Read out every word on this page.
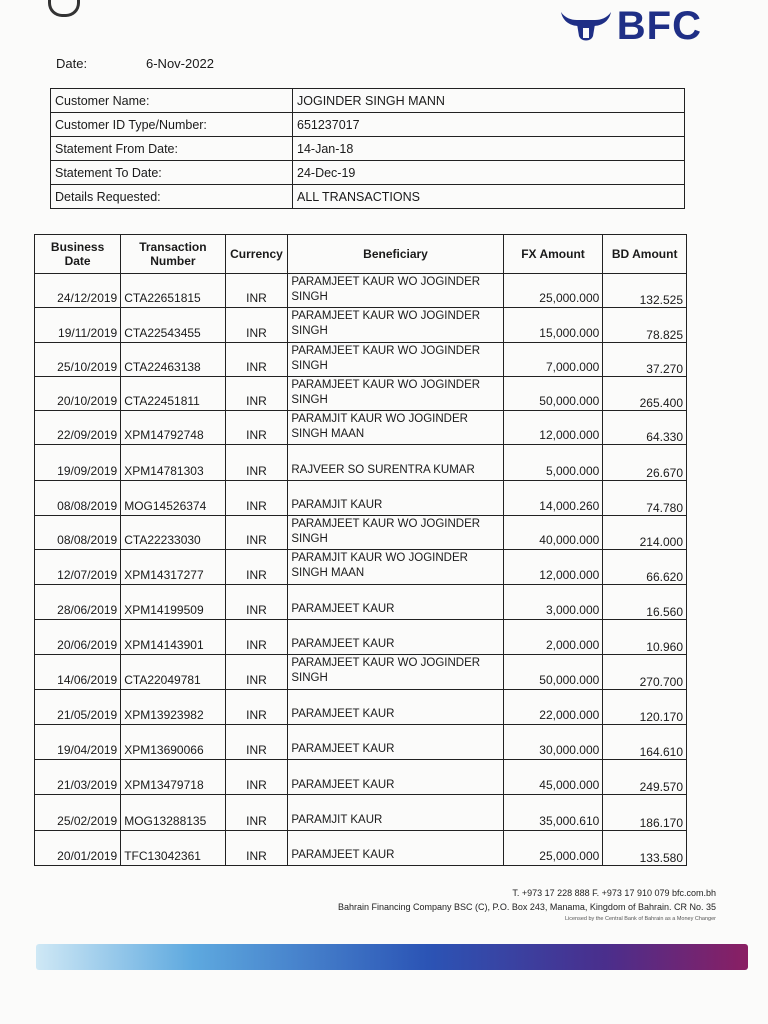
BFC
Date:	6-Nov-2022
Customer Name:	JOGINDER SINGH MANN
Customer ID Type/Number:	651237017
Statement From Date:	14-Jan-18
Statement To Date:	24-Dec-19
Details Requested:	ALL TRANSACTIONS
Business Date	Transaction Number	Currency	Beneficiary	FX Amount	BD Amount
24/12/2019	CTA22651815	INR	PARAMJEET KAUR WO JOGINDER SINGH	25,000.000	132.525
19/11/2019	CTA22543455	INR	PARAMJEET KAUR WO JOGINDER SINGH	15,000.000	78.825
25/10/2019	CTA22463138	INR	PARAMJEET KAUR WO JOGINDER SINGH	7,000.000	37.270
20/10/2019	CTA22451811	INR	PARAMJEET KAUR WO JOGINDER SINGH	50,000.000	265.400
22/09/2019	XPM14792748	INR	PARAMJIT KAUR WO JOGINDER SINGH MAAN	12,000.000	64.330
19/09/2019	XPM14781303	INR	RAJVEER SO SURENTRA KUMAR	5,000.000	26.670
08/08/2019	MOG14526374	INR	PARAMJIT KAUR	14,000.260	74.780
08/08/2019	CTA22233030	INR	PARAMJEET KAUR WO JOGINDER SINGH	40,000.000	214.000
12/07/2019	XPM14317277	INR	PARAMJIT KAUR WO JOGINDER SINGH MAAN	12,000.000	66.620
28/06/2019	XPM14199509	INR	PARAMJEET KAUR	3,000.000	16.560
20/06/2019	XPM14143901	INR	PARAMJEET KAUR	2,000.000	10.960
14/06/2019	CTA22049781	INR	PARAMJEET KAUR WO JOGINDER SINGH	50,000.000	270.700
21/05/2019	XPM13923982	INR	PARAMJEET KAUR	22,000.000	120.170
19/04/2019	XPM13690066	INR	PARAMJEET KAUR	30,000.000	164.610
21/03/2019	XPM13479718	INR	PARAMJEET KAUR	45,000.000	249.570
25/02/2019	MOG13288135	INR	PARAMJIT KAUR	35,000.610	186.170
20/01/2019	TFC13042361	INR	PARAMJEET KAUR	25,000.000	133.580
T. +973 17 228 888 F. +973 17 910 079 bfc.com.bh
Bahrain Financing Company BSC (C), P.O. Box 243, Manama, Kingdom of Bahrain. CR No. 35
Licensed by the Central Bank of Bahrain as a Money Changer
